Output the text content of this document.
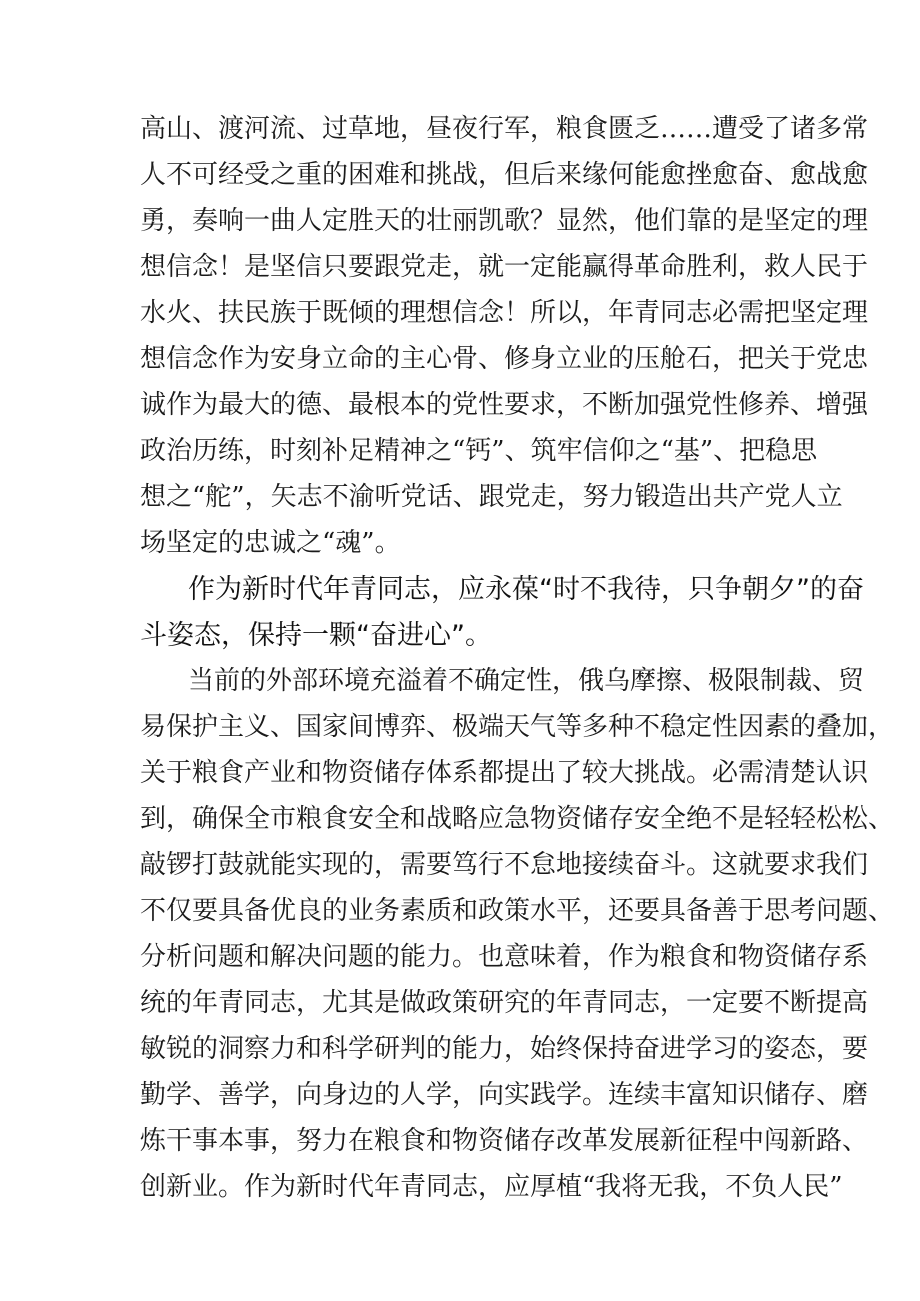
高山、渡河流、过草地，昼夜行军，粮食匮乏……遭受了诸多常
人不可经受之重的困难和挑战，但后来缘何能愈挫愈奋、愈战愈
勇，奏响一曲人定胜天的壮丽凯歌？显然，他们靠的是坚定的理
想信念！是坚信只要跟党走，就一定能赢得革命胜利，救人民于
水火、扶民族于既倾的理想信念！所以，年青同志必需把坚定理
想信念作为安身立命的主心骨、修身立业的压舱石，把关于党忠
诚作为最大的德、最根本的党性要求，不断加强党性修养、增强
政治历练，时刻补足精神之“钙”、筑牢信仰之“基”、把稳思
想之“舵”，矢志不渝听党话、跟党走，努力锻造出共产党人立
场坚定的忠诚之“魂”。
作为新时代年青同志，应永葆“时不我待，只争朝夕”的奋
斗姿态，保持一颗“奋进心”。
当前的外部环境充溢着不确定性，俄乌摩擦、极限制裁、贸
易保护主义、国家间博弈、极端天气等多种不稳定性因素的叠加，
关于粮食产业和物资储存体系都提出了较大挑战。必需清楚认识
到，确保全市粮食安全和战略应急物资储存安全绝不是轻轻松松、
敲锣打鼓就能实现的，需要笃行不怠地接续奋斗。这就要求我们
不仅要具备优良的业务素质和政策水平，还要具备善于思考问题、
分析问题和解决问题的能力。也意味着，作为粮食和物资储存系
统的年青同志，尤其是做政策研究的年青同志，一定要不断提高
敏锐的洞察力和科学研判的能力，始终保持奋进学习的姿态，要
勤学、善学，向身边的人学，向实践学。连续丰富知识储存、磨
炼干事本事，努力在粮食和物资储存改革发展新征程中闯新路、
创新业。作为新时代年青同志，应厚植“我将无我，不负人民”
